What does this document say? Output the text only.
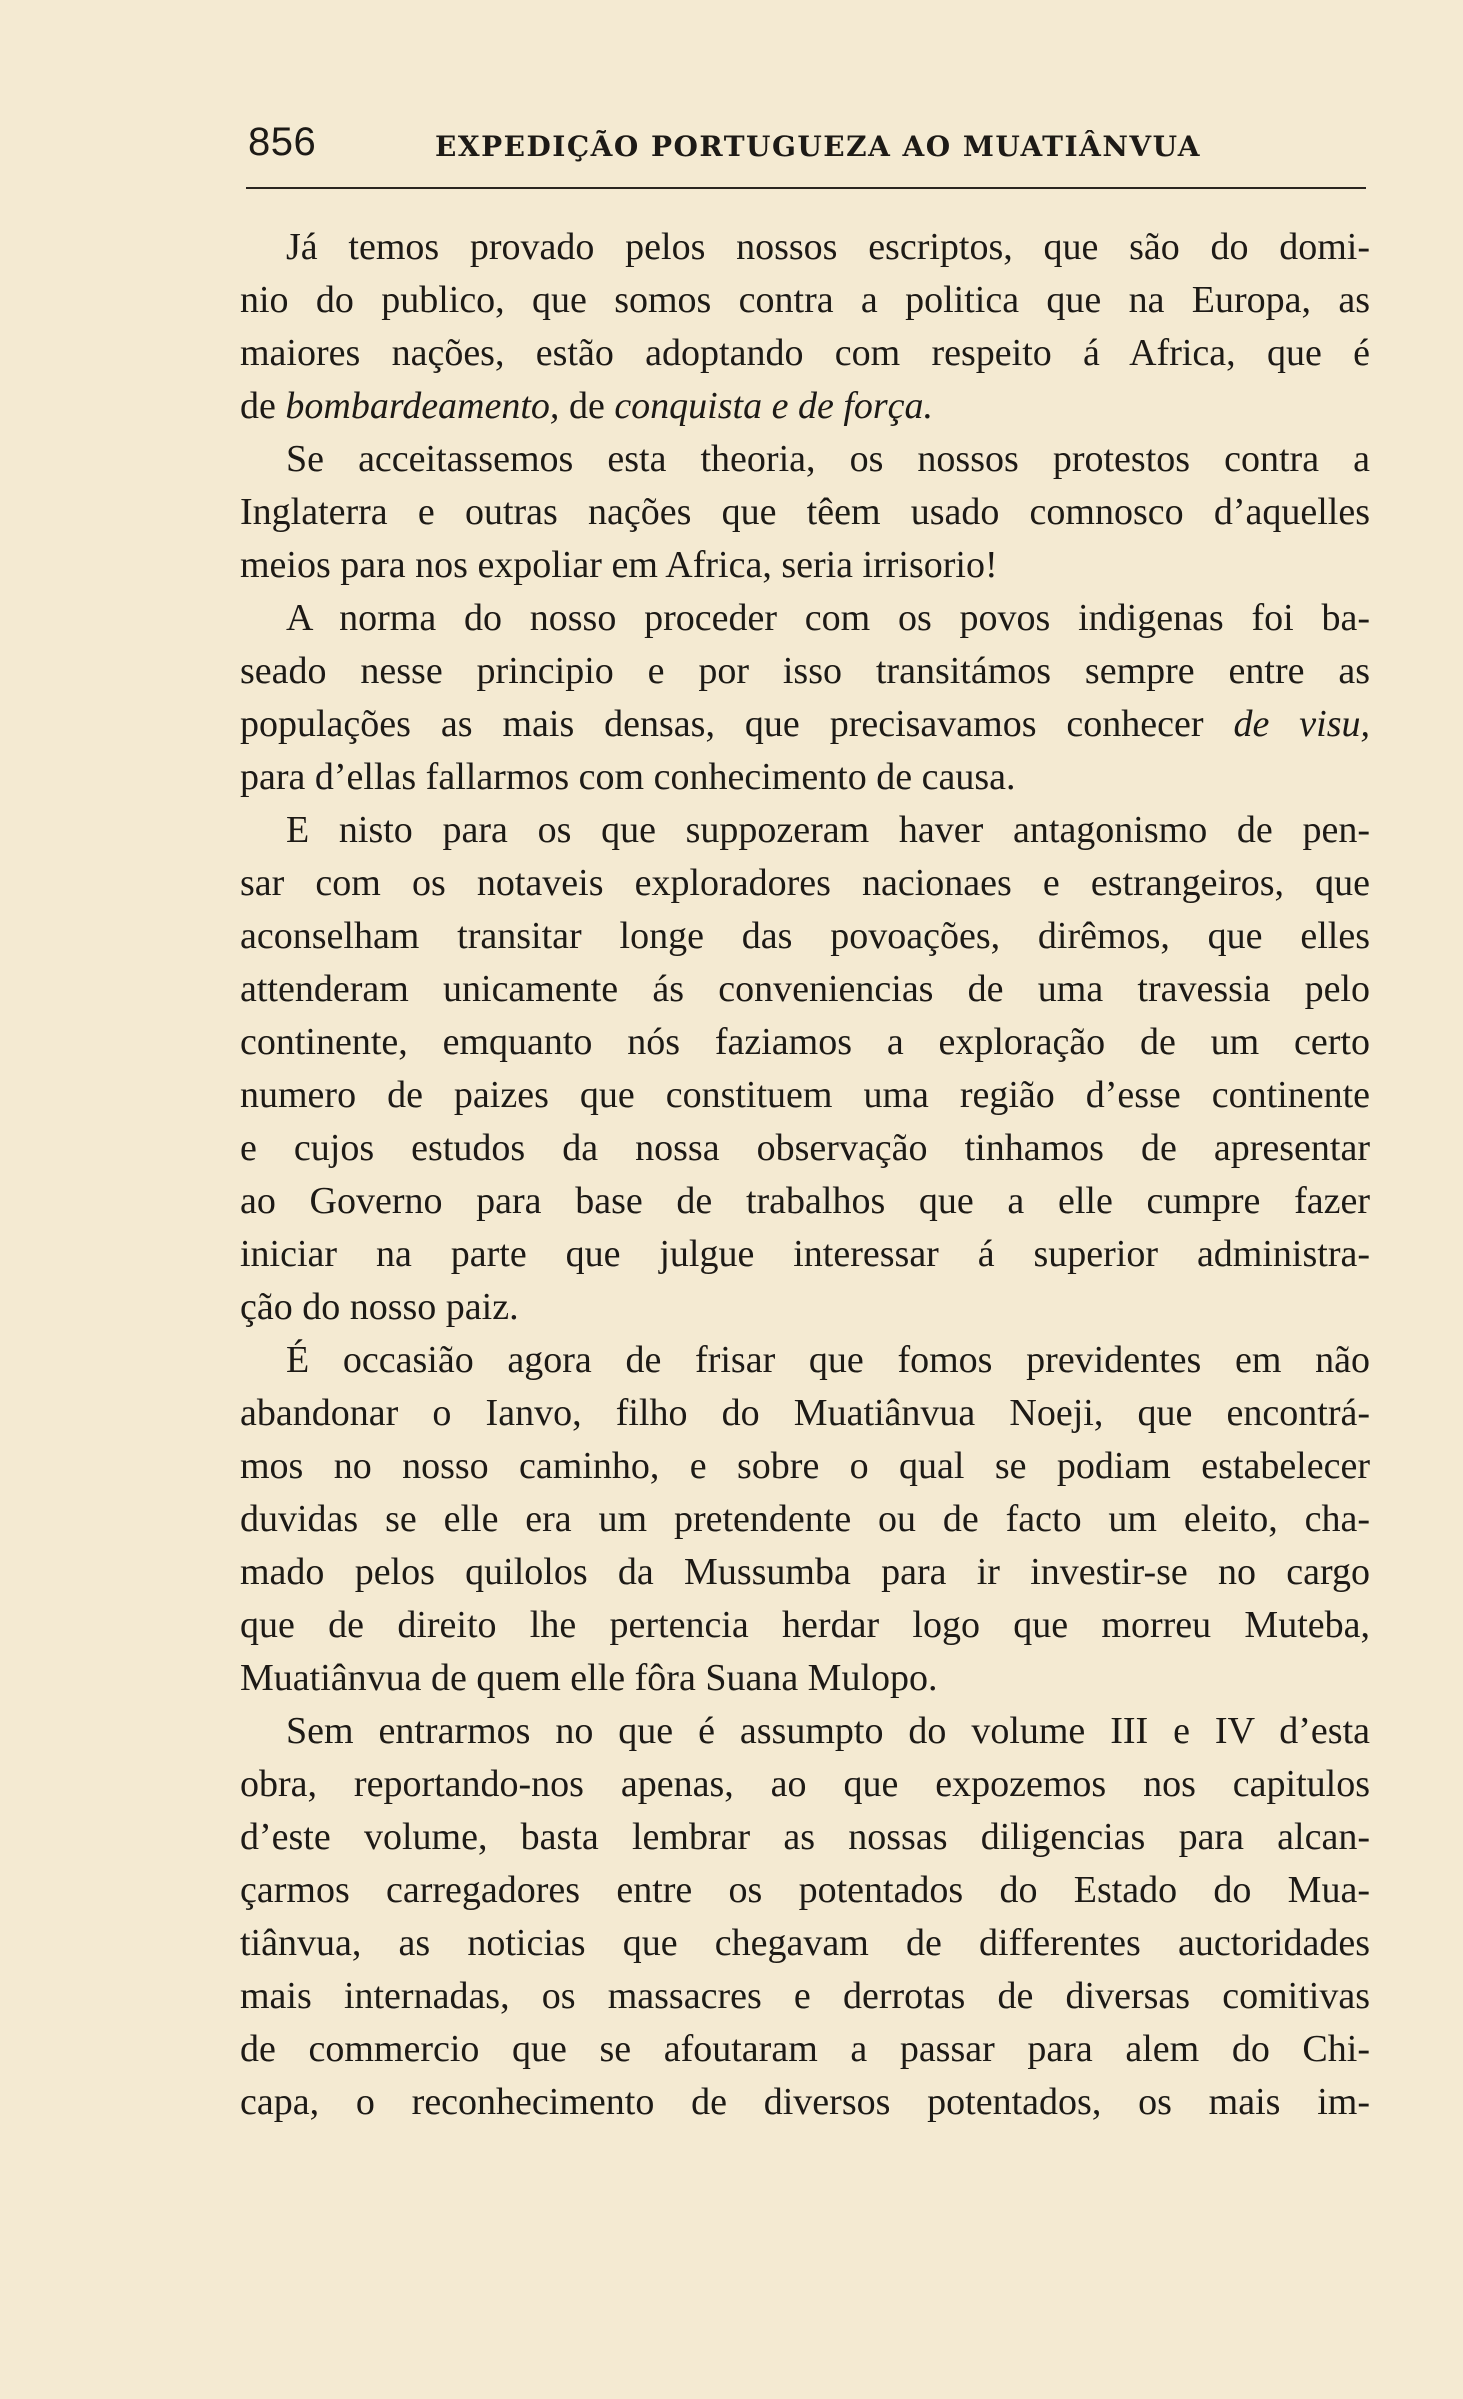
856	EXPEDIÇÃO PORTUGUEZA AO MUATIÂNVUA
Já temos provado pelos nossos escriptos, que são do domi-
nio do publico, que somos contra a politica que na Europa, as
maiores nações, estão adoptando com respeito á Africa, que é
de bombardeamento, de conquista e de força.
Se acceitassemos esta theoria, os nossos protestos contra a
Inglaterra e outras nações que têem usado comnosco d’aquelles
meios para nos expoliar em Africa, seria irrisorio!
A norma do nosso proceder com os povos indigenas foi ba-
seado nesse principio e por isso transitámos sempre entre as
populações as mais densas, que precisavamos conhecer de visu,
para d’ellas fallarmos com conhecimento de causa.
E nisto para os que suppozeram haver antagonismo de pen-
sar com os notaveis exploradores nacionaes e estrangeiros, que
aconselham transitar longe das povoações, dirêmos, que elles
attenderam unicamente ás conveniencias de uma travessia pelo
continente, emquanto nós faziamos a exploração de um certo
numero de paizes que constituem uma região d’esse continente
e cujos estudos da nossa observação tinhamos de apresentar
ao Governo para base de trabalhos que a elle cumpre fazer
iniciar na parte que julgue interessar á superior administra-
ção do nosso paiz.
É occasião agora de frisar que fomos previdentes em não
abandonar o Ianvo, filho do Muatiânvua Noeji, que encontrá-
mos no nosso caminho, e sobre o qual se podiam estabelecer
duvidas se elle era um pretendente ou de facto um eleito, cha-
mado pelos quilolos da Mussumba para ir investir-se no cargo
que de direito lhe pertencia herdar logo que morreu Muteba,
Muatiânvua de quem elle fôra Suana Mulopo.
Sem entrarmos no que é assumpto do volume III e IV d’esta
obra, reportando-nos apenas, ao que expozemos nos capitulos
d’este volume, basta lembrar as nossas diligencias para alcan-
çarmos carregadores entre os potentados do Estado do Mua-
tiânvua, as noticias que chegavam de differentes auctoridades
mais internadas, os massacres e derrotas de diversas comitivas
de commercio que se afoutaram a passar para alem do Chi-
capa, o reconhecimento de diversos potentados, os mais im-
